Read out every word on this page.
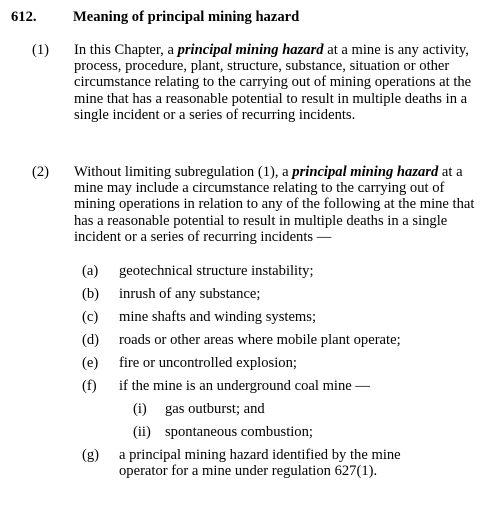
612. Meaning of principal mining hazard
(1) In this Chapter, a principal mining hazard at a mine is any activity, process, procedure, plant, structure, substance, situation or other circumstance relating to the carrying out of mining operations at the mine that has a reasonable potential to result in multiple deaths in a single incident or a series of recurring incidents.
(2) Without limiting subregulation (1), a principal mining hazard at a mine may include a circumstance relating to the carrying out of mining operations in relation to any of the following at the mine that has a reasonable potential to result in multiple deaths in a single incident or a series of recurring incidents —
(a) geotechnical structure instability;
(b) inrush of any substance;
(c) mine shafts and winding systems;
(d) roads or other areas where mobile plant operate;
(e) fire or uncontrolled explosion;
(f) if the mine is an underground coal mine —
(i) gas outburst; and
(ii) spontaneous combustion;
(g) a principal mining hazard identified by the mine operator for a mine under regulation 627(1).
